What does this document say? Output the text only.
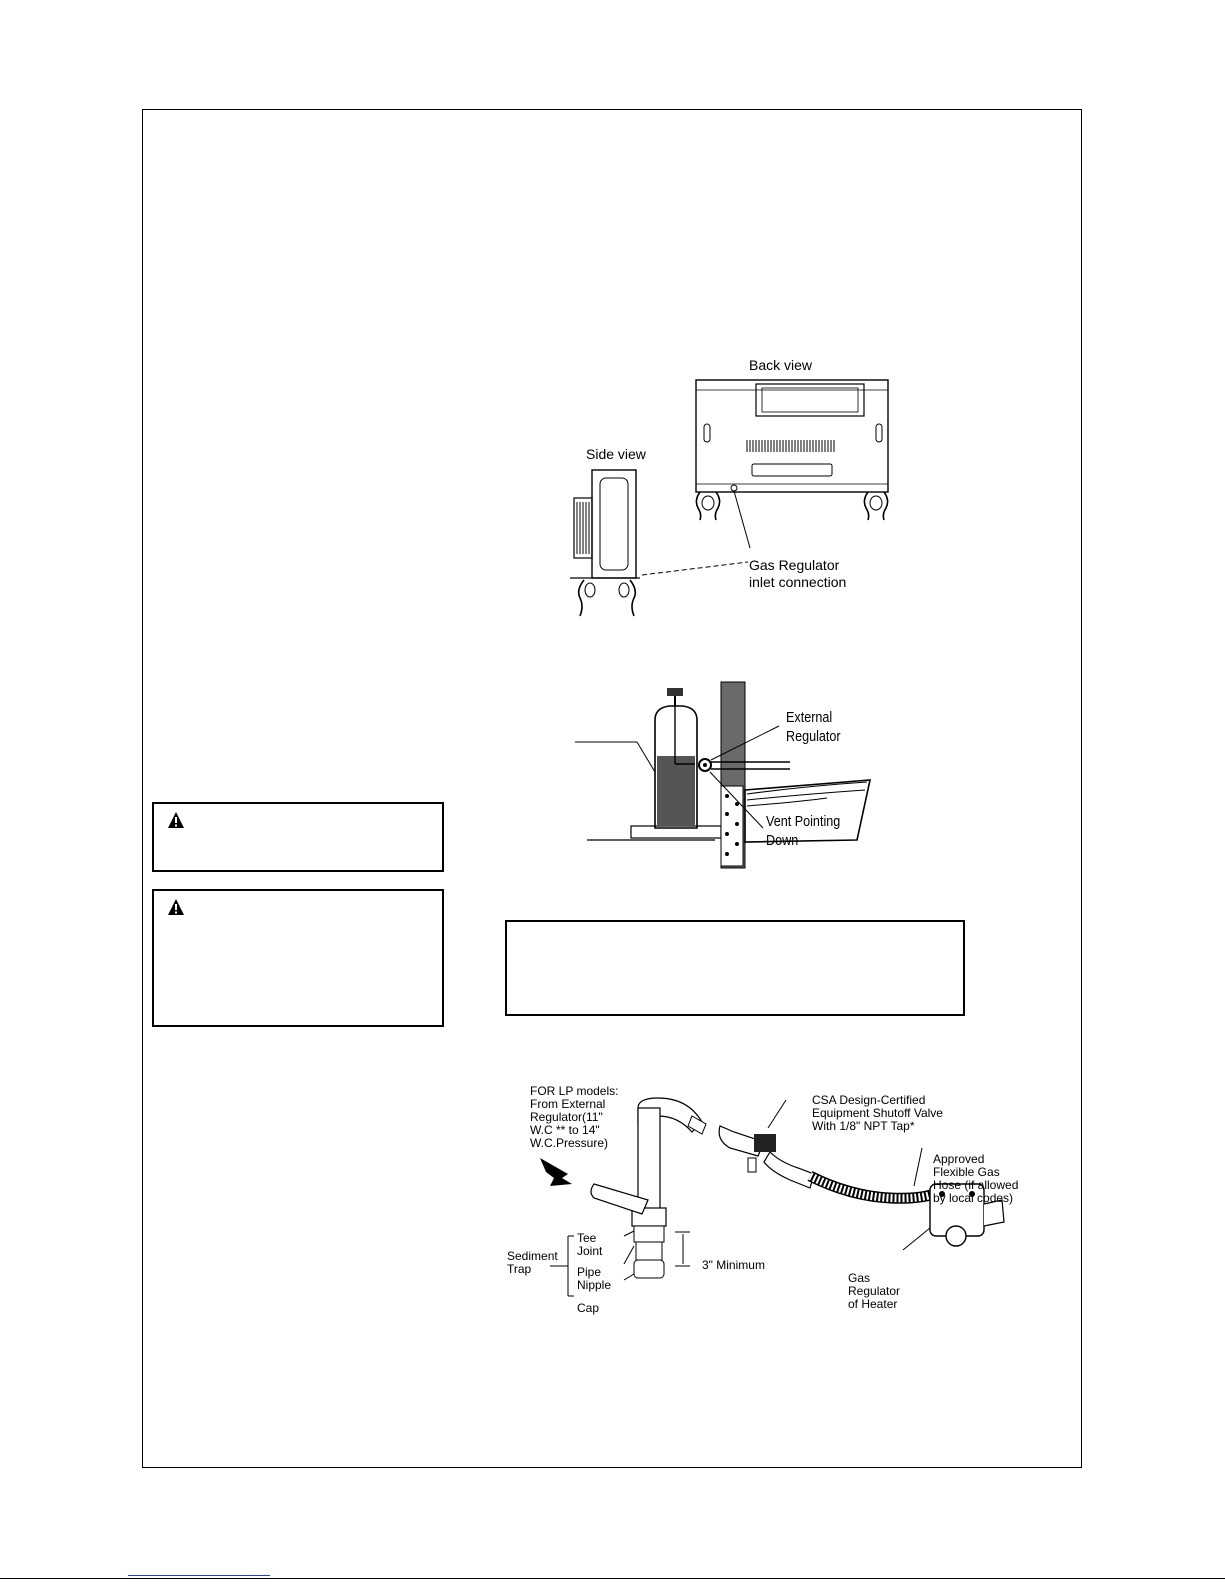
Back view
Side view
Gas Regulator
inlet connection
External
Regulator
Vent Pointing
Down
FOR LP models:
From External
Regulator(11"
W.C ** to 14"
W.C.Pressure)
CSA Design-Certified
Equipment Shutoff Valve
With 1/8" NPT Tap*
Approved
Flexible Gas
Hose (if allowed
by local codes)
Sediment
Trap
Tee
Joint
Pipe
Nipple
Cap
3" Minimum
Gas
Regulator
of Heater
